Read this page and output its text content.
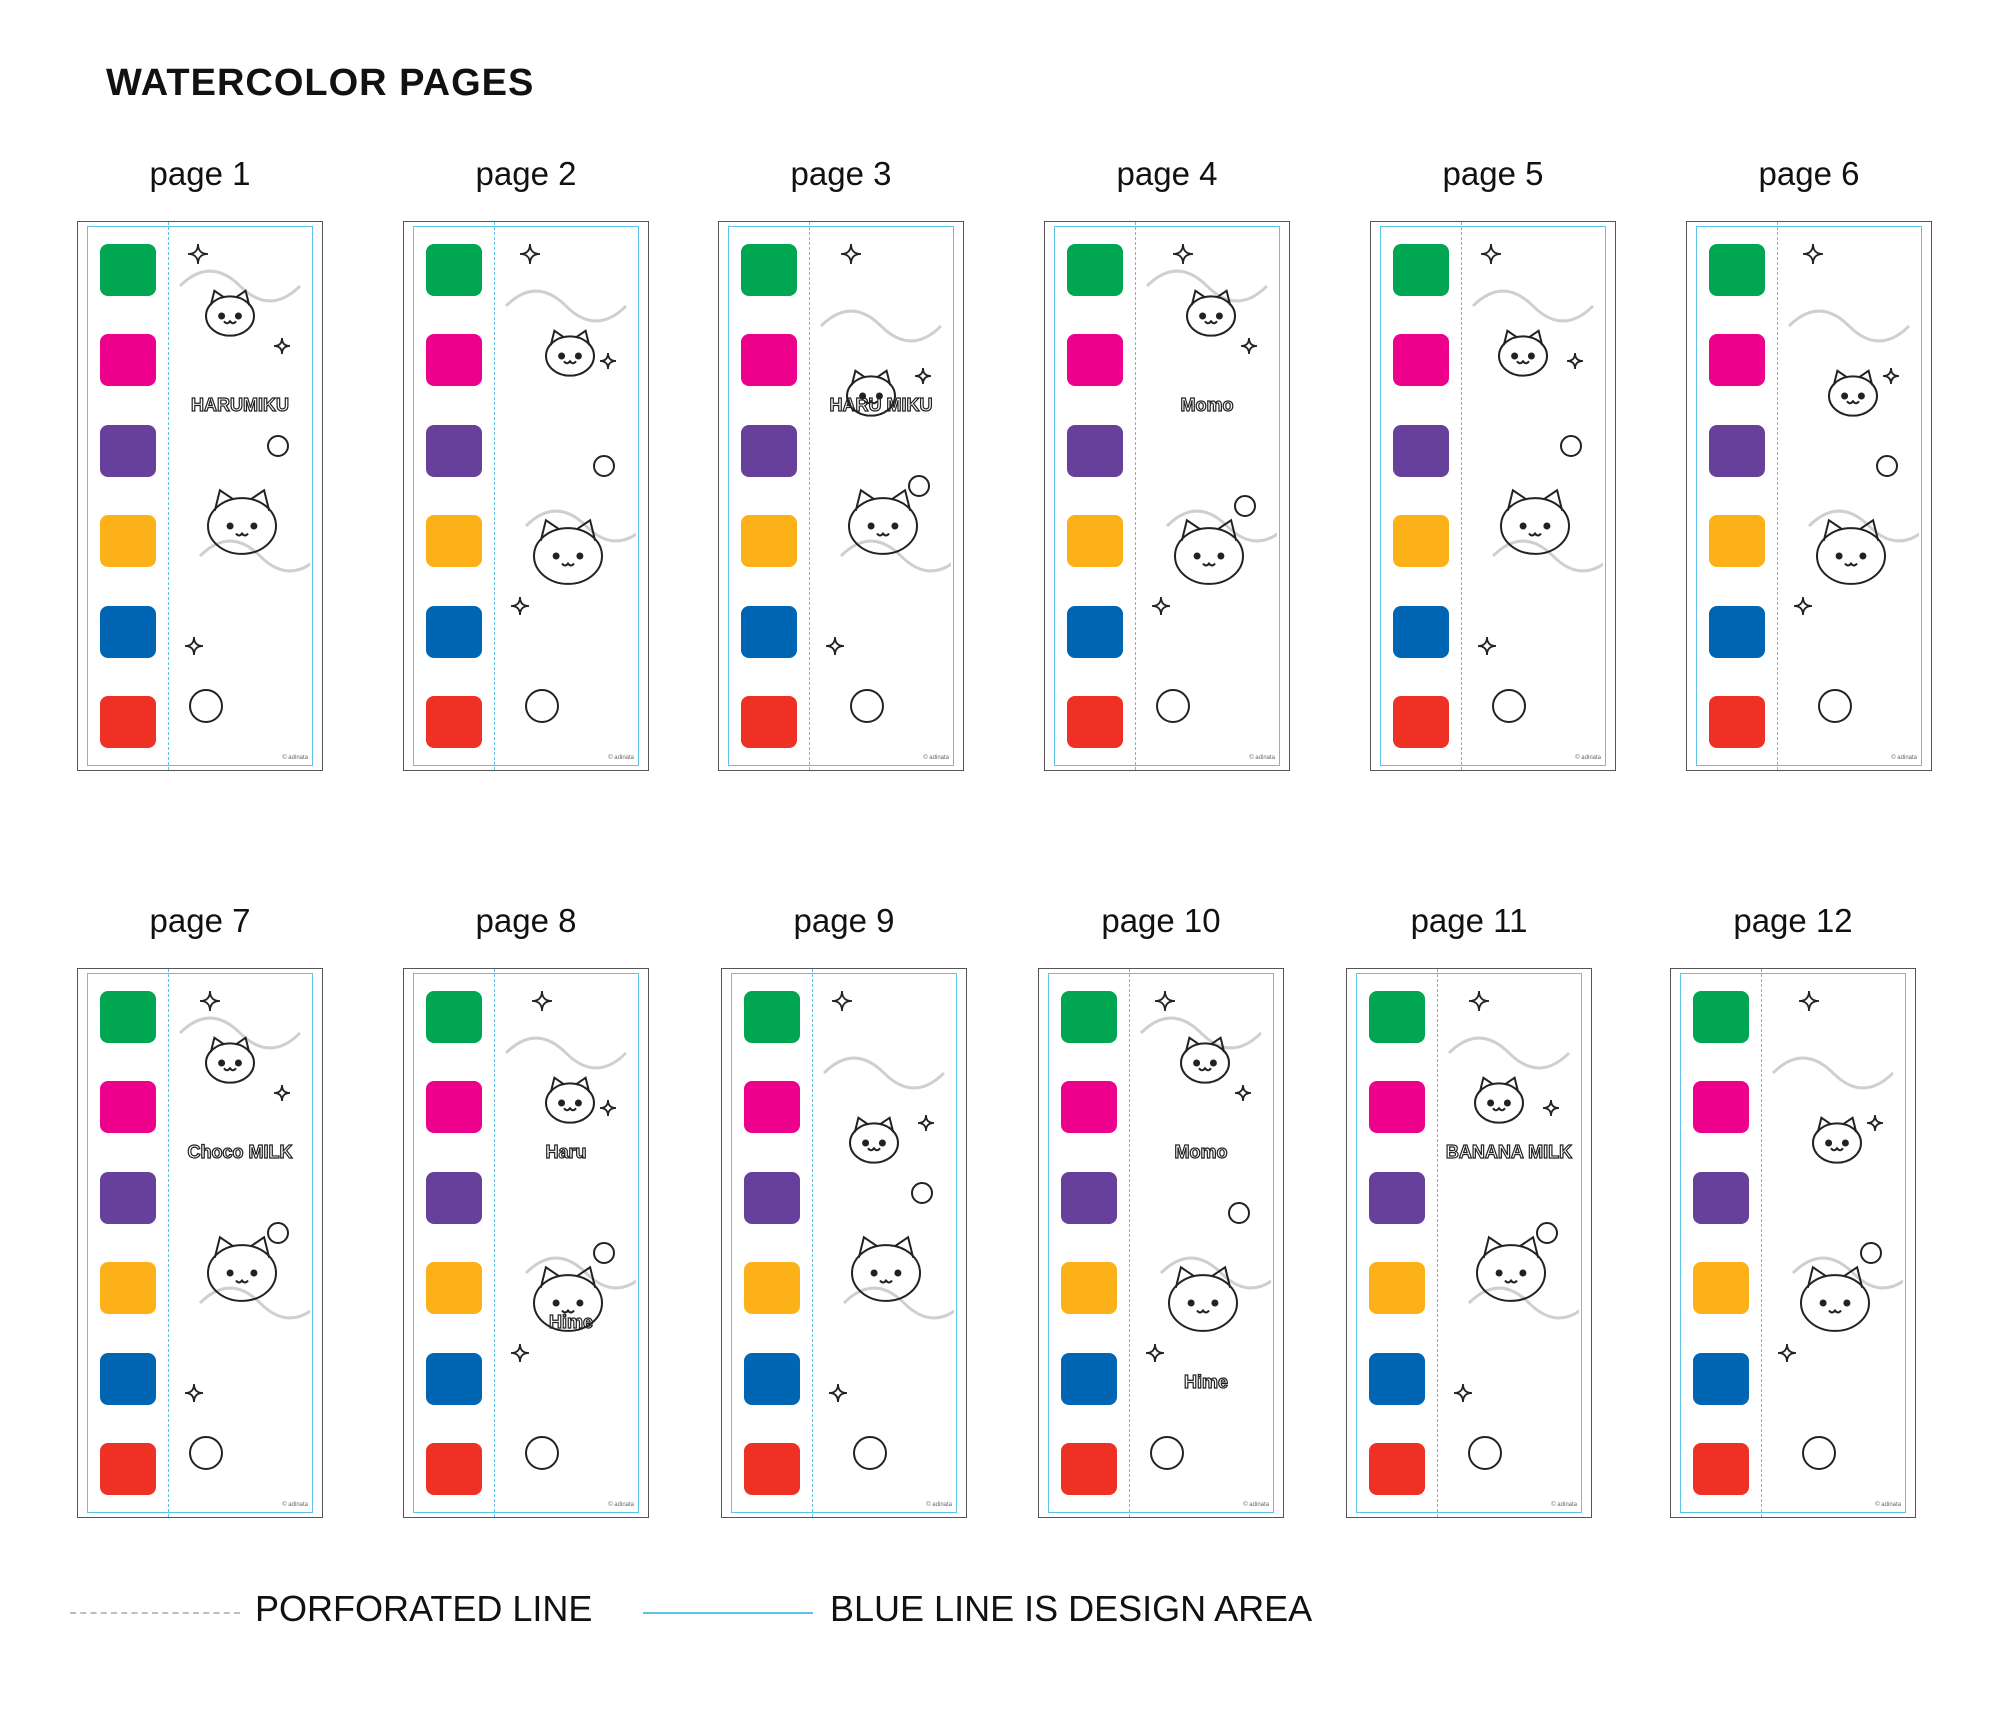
WATERCOLOR PAGES
page 1
HARUMIKU
© adinata
page 2
© adinata
page 3
HARU MIKU
© adinata
page 4
Momo
© adinata
page 5
© adinata
page 6
© adinata
page 7
Choco MILK
© adinata
page 8
Haru
Hime
© adinata
page 9
© adinata
page 10
Momo
Hime
© adinata
page 11
BANANA MILK
© adinata
page 12
© adinata
PORFORATED LINE	BLUE LINE IS DESIGN AREA
